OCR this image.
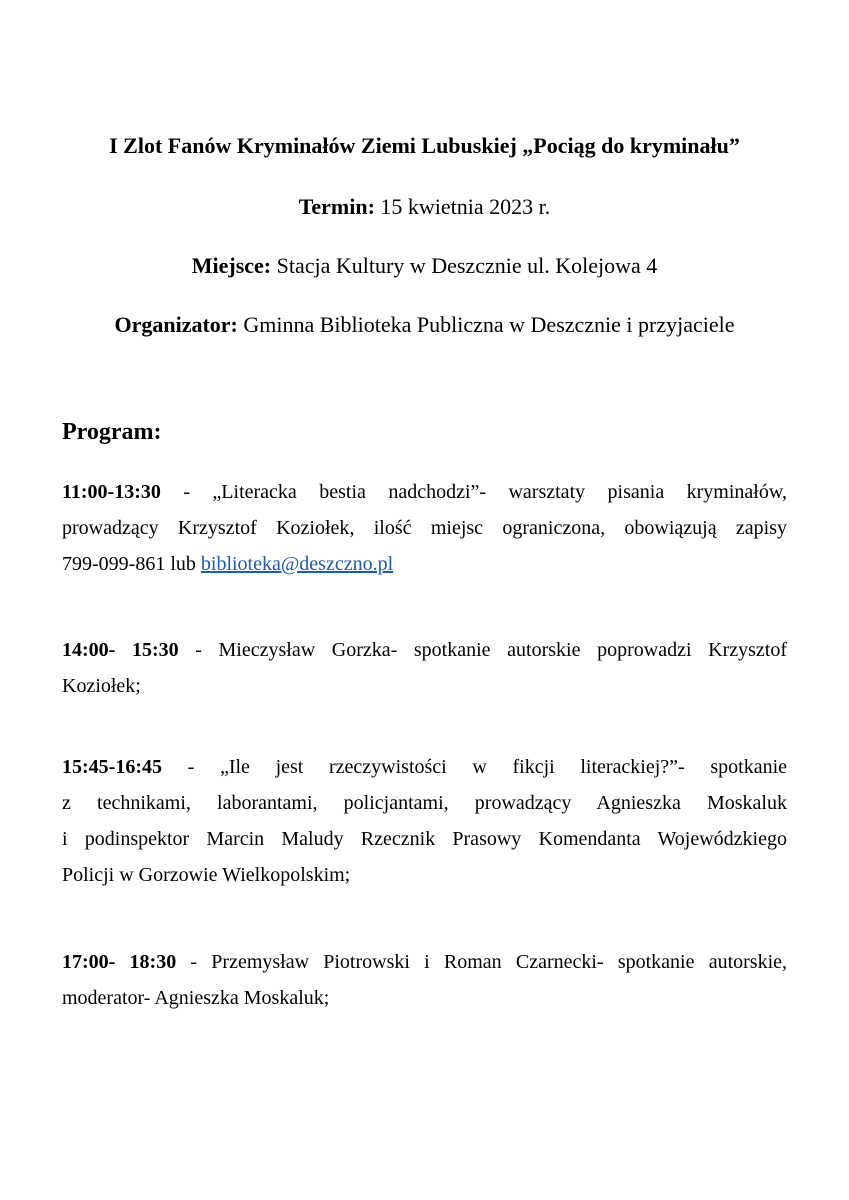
I Zlot Fanów Kryminałów Ziemi Lubuskiej „Pociąg do kryminału”
Termin: 15 kwietnia 2023 r.
Miejsce: Stacja Kultury w Deszcznie ul. Kolejowa 4
Organizator: Gminna Biblioteka Publiczna w Deszcznie i przyjaciele
Program:
11:00-13:30 - „Literacka bestia nadchodzi”- warsztaty pisania kryminałów,
prowadzący Krzysztof Koziołek, ilość miejsc ograniczona, obowiązują zapisy
799-099-861 lub biblioteka@deszczno.pl
14:00- 15:30 - Mieczysław Gorzka- spotkanie autorskie poprowadzi Krzysztof
Koziołek;
15:45-16:45 - „Ile jest rzeczywistości w fikcji literackiej?”- spotkanie
z technikami, laborantami, policjantami, prowadzący Agnieszka Moskaluk
i podinspektor Marcin Maludy Rzecznik Prasowy Komendanta Wojewódzkiego
Policji w Gorzowie Wielkopolskim;
17:00- 18:30 - Przemysław Piotrowski i Roman Czarnecki- spotkanie autorskie,
moderator- Agnieszka Moskaluk;
